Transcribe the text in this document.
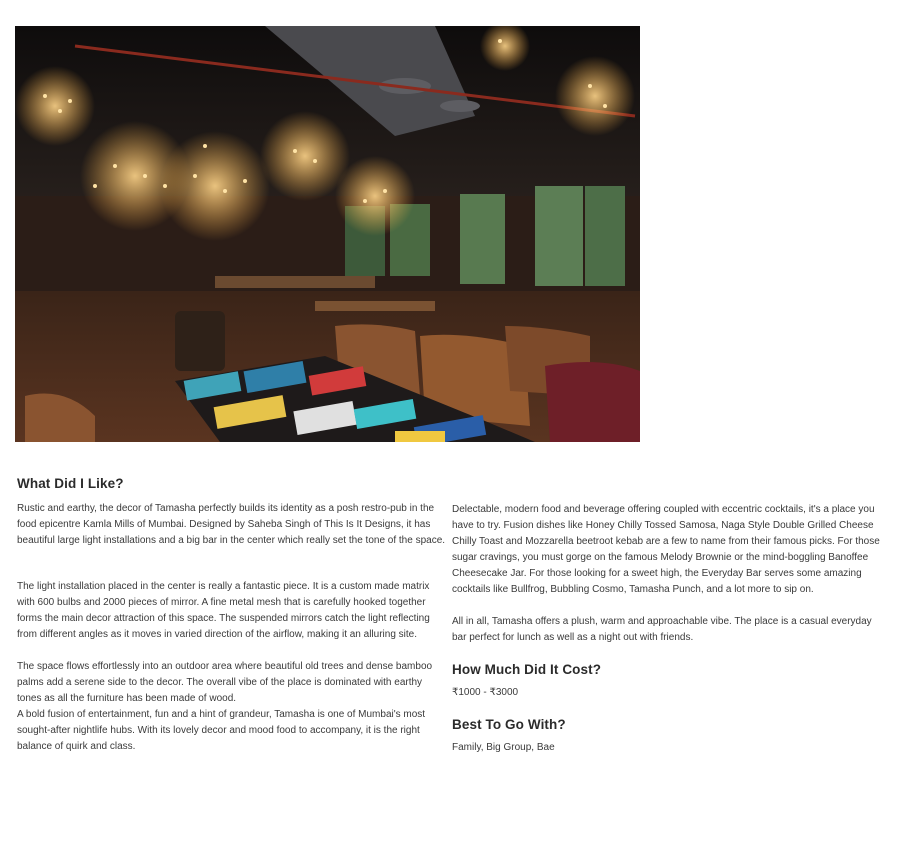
What Did I Like?

Rustic and earthy, the decor of Tamasha perfectly builds its identity as a posh restro-pub in the food epicentre Kamla Mills of Mumbai. Designed by Saheba Singh of This Is It Designs, it has beautiful large light installations and a big bar in the center which really set the tone of the space.

The light installation placed in the center is really a fantastic piece. It is a custom made matrix with 600 bulbs and 2000 pieces of mirror. A fine metal mesh that is carefully hooked together forms the main decor attraction of this space. The suspended mirrors catch the light reflecting from different angles as it moves in varied direction of the airflow, making it an alluring site.

The space flows effortlessly into an outdoor area where beautiful old trees and dense bamboo palms add a serene side to the decor. The overall vibe of the place is dominated with earthy tones as all the furniture has been made of wood.

A bold fusion of entertainment, fun and a hint of grandeur, Tamasha is one of Mumbai's most sought-after nightlife hubs. With its lovely decor and mood food to accompany, it is the right balance of quirk and class.

Delectable, modern food and beverage offering coupled with eccentric cocktails, it's a place you have to try. Fusion dishes like Honey Chilly Tossed Samosa, Naga Style Double Grilled Cheese Chilly Toast and Mozzarella beetroot kebab are a few to name from their famous picks. For those sugar cravings, you must gorge on the famous Melody Brownie or the mind-boggling Banoffee Cheesecake Jar. For those looking for a sweet high, the Everyday Bar serves some amazing cocktails like Bullfrog, Bubbling Cosmo, Tamasha Punch, and a lot more to sip on.

All in all, Tamasha offers a plush, warm and approachable vibe. The place is a casual everyday bar perfect for lunch as well as a night out with friends.

How Much Did It Cost?
₹1000 - ₹3000
Best To Go With?
Family, Big Group, Bae
